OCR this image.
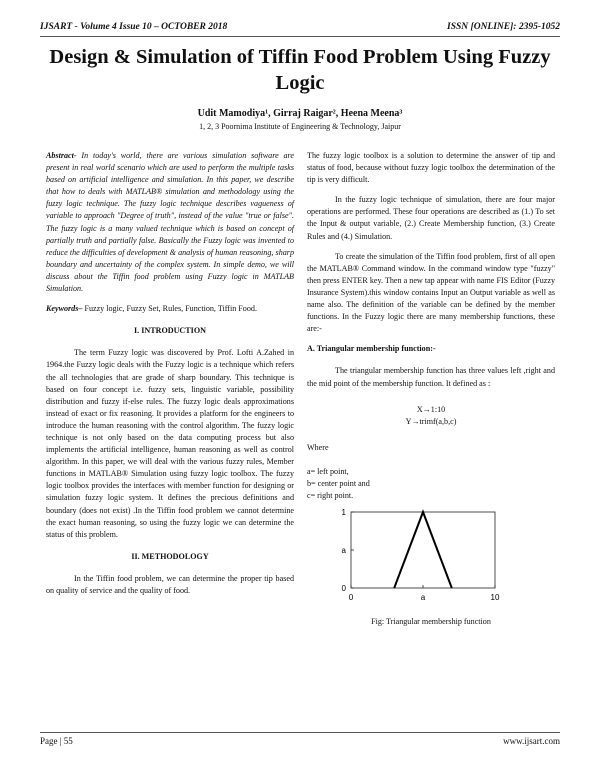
IJSART - Volume 4 Issue 10 – OCTOBER 2018	ISSN [ONLINE]: 2395-1052
Design & Simulation of Tiffin Food Problem Using Fuzzy Logic
Udit Mamodiya¹, Girraj Raigar², Heena Meena³
1, 2, 3 Poornima Institute of Engineering & Technology, Jaipur

Abstract- In today's world, there are various simulation software are present in real world scenario which are used to perform the multiple tasks based on artificial intelligence and simulation. In this paper, we describe that how to deals with MATLAB® simulation and methodology using the fuzzy logic technique. The fuzzy logic technique describes vagueness of variable to approach "Degree of truth", instead of the value "true or false". The fuzzy logic is a many valued technique which is based on concept of partially truth and partially false. Basically the Fuzzy logic was invented to reduce the difficulties of development & analysis of human reasoning, sharp boundary and uncertainty of the complex system. In simple demo, we will discuss about the Tiffin food problem using Fuzzy logic in MATLAB Simulation.

Keywords– Fuzzy logic, Fuzzy Set, Rules, Function, Tiffin Food.

I. INTRODUCTION

The term Fuzzy logic was discovered by Prof. Lofti A.Zahed in 1964.the Fuzzy logic deals with the Fuzzy logic is a technique which refers the all technologies that are grade of sharp boundary. This technique is based on four concept i.e. fuzzy sets, linguistic variable, possibility distribution and fuzzy if-else rules. The fuzzy logic deals approximations instead of exact or fix reasoning. It provides a platform for the engineers to introduce the human reasoning with the control algorithm. The fuzzy logic technique is not only based on the data computing process but also implements the artificial intelligence, human reasoning as well as control algorithm. In this paper, we will deal with the various fuzzy rules, Member functions in MATLAB® Simulation using fuzzy logic toolbox. The fuzzy logic toolbox provides the interfaces with member function for designing or simulation fuzzy logic system. It defines the precious definitions and boundary (does not exist) .In the Tiffin food problem we cannot determine the exact human reasoning, so using the fuzzy logic we can determine the status of this problem.

II. METHODOLOGY

In the Tiffin food problem, we can determine the proper tip based on quality of service and the quality of food.

The fuzzy logic toolbox is a solution to determine the answer of tip and status of food, because without fuzzy logic toolbox the determination of the tip is very difficult.

In the fuzzy logic technique of simulation, there are four major operations are performed. These four operations are described as (1.) To set the Input & output variable, (2.) Create Membership function, (3.) Create Rules and (4.) Simulation.

To create the simulation of the Tiffin food problem, first of all open the MATLAB® Command window. In the command window type "fuzzy" then press ENTER key. Then a new tap appear with name FIS Editor (Fuzzy Insurance System).this window contains Input an Output variable as well as name also. The definition of the variable can be defined by the member functions. In the Fuzzy logic there are many membership functions, these are:-

A. Triangular membership function:-

The triangular membership function has three values left ,right and the mid point of the membership function. It defined as :

X→1:10

Y→trimf(a,b,c)

Where

a= left point,

b= center point and

c= right point.

0	a	10
1
a
0

Fig: Triangular membership function

Page | 55	www.ijsart.com
